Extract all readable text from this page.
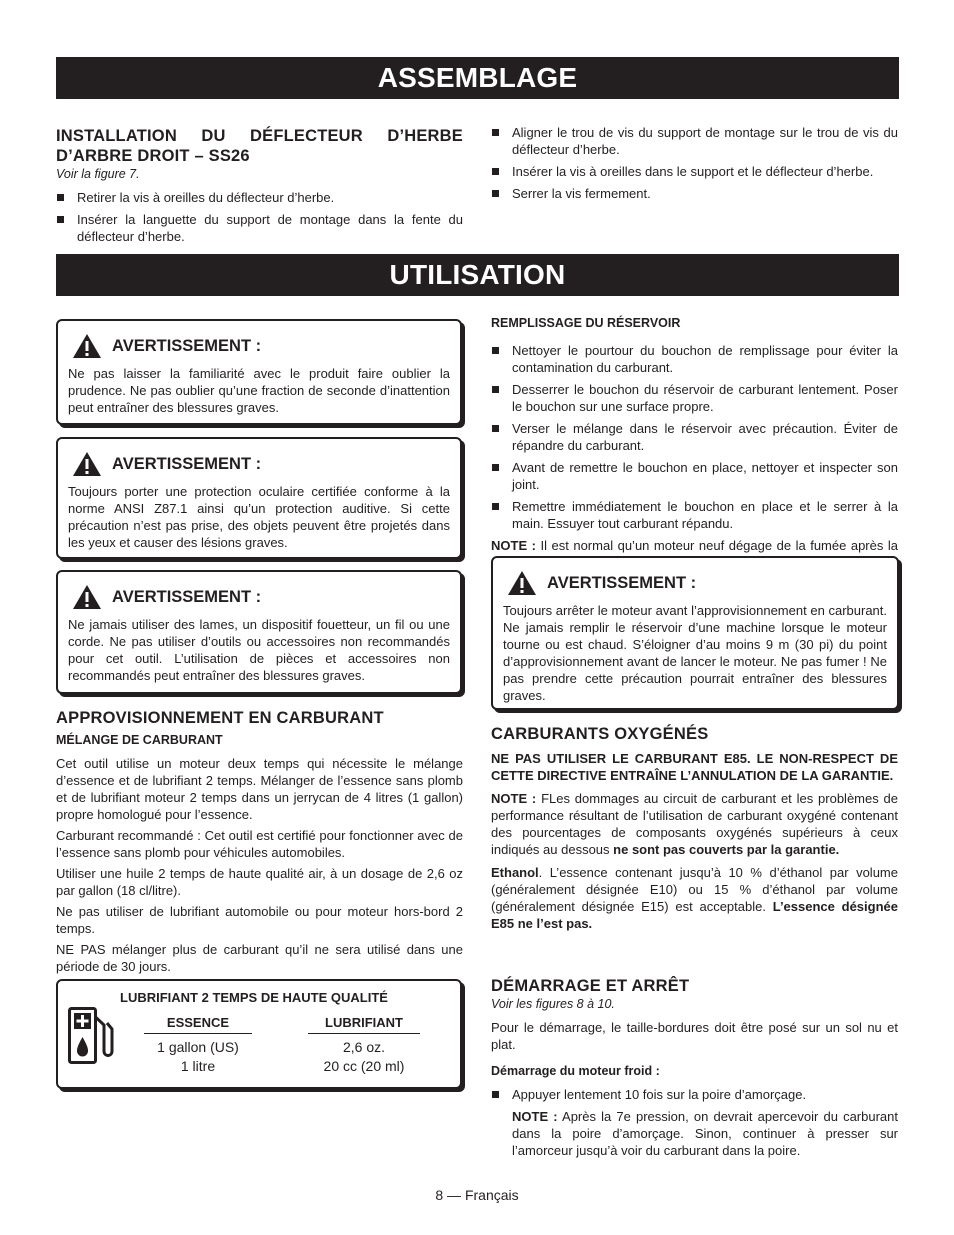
ASSEMBLAGE
INSTALLATION DU DÉFLECTEUR D’HERBE
D’ARBRE DROIT – SS26
Voir la figure 7.
Retirer la vis à oreilles du déflecteur d’herbe.
Insérer la languette du support de montage dans la fente du déflecteur d’herbe.
Aligner le trou de vis du support de montage sur le trou de vis du déflecteur d’herbe.
Insérer la vis à oreilles dans le support et le déflecteur d’herbe.
Serrer la vis fermement.
UTILISATION
AVERTISSEMENT :

Ne pas laisser la familiarité avec le produit faire oublier la prudence. Ne pas oublier qu’une fraction de seconde d’inattention peut entraîner des blessures graves.

AVERTISSEMENT :

Toujours porter une protection oculaire certifiée conforme à la norme ANSI Z87.1 ainsi qu’un protection auditive. Si cette précaution n’est pas prise, des objets peuvent être projetés dans les yeux et causer des lésions graves.

AVERTISSEMENT :

Ne jamais utiliser des lames, un dispositif fouetteur, un fil ou une corde. Ne pas utiliser d’outils ou accessoires non recommandés pour cet outil. L’utilisation de pièces et accessoires non recommandés peut entraîner des blessures graves.

APPROVISIONNEMENT EN CARBURANT
MÉLANGE DE CARBURANT

Cet outil utilise un moteur deux temps qui nécessite le mélange d’essence et de lubrifiant 2 temps. Mélanger de l’essence sans plomb et de lubrifiant moteur 2 temps dans un jerrycan de 4 litres (1 gallon) propre homologué pour l’essence.

Carburant recommandé : Cet outil est certifié pour fonctionner avec de l’essence sans plomb pour véhicules automobiles.

Utiliser une huile 2 temps de haute qualité air, à un dosage de 2,6 oz par gallon (18 cl/litre).

Ne pas utiliser de lubrifiant automobile ou pour moteur hors-bord 2 temps.

NE PAS mélanger plus de carburant qu’il ne sera utilisé dans une période de 30 jours.

LUBRIFIANT 2 TEMPS DE HAUTE QUALITÉ
ESSENCE
1 gallon (US)
1 litre
LUBRIFIANT
2,6 oz.
20 cc (20 ml)
REMPLISSAGE DU RÉSERVOIR
Nettoyer le pourtour du bouchon de remplissage pour éviter la contamination du carburant.
Desserrer le bouchon du réservoir de carburant lentement. Poser le bouchon sur une surface propre.
Verser le mélange dans le réservoir avec précaution. Éviter de répandre du carburant.
Avant de remettre le bouchon en place, nettoyer et inspecter son joint.
Remettre immédiatement le bouchon en place et le serrer à la main. Essuyer tout carburant répandu.

NOTE : Il est normal qu’un moteur neuf dégage de la fumée après la

AVERTISSEMENT :

Toujours arrêter le moteur avant l’approvisionnement en carburant. Ne jamais remplir le réservoir d’une machine lorsque le moteur tourne ou est chaud. S’éloigner d’au moins 9 m (30 pi) du point d’approvisionnement avant de lancer le moteur. Ne pas fumer ! Ne pas prendre cette précaution pourrait entraîner des blessures graves.

CARBURANTS OXYGÉNÉS

NE PAS UTILISER LE CARBURANT E85. LE NON-RESPECT DE CETTE DIRECTIVE ENTRAÎNE L’ANNULATION DE LA GARANTIE.

NOTE : FLes dommages au circuit de carburant et les problèmes de performance résultant de l’utilisation de carburant oxygéné contenant des pourcentages de composants oxygénés supérieurs à ceux indiqués au dessous ne sont pas couverts par la garantie.

Ethanol. L’essence contenant jusqu’à 10 % d’éthanol par volume (généralement désignée E10) ou 15 % d’éthanol par volume (généralement désignée E15) est acceptable. L’essence désignée E85 ne l’est pas.

DÉMARRAGE ET ARRÊT
Voir les figures 8 à 10.

Pour le démarrage, le taille-bordures doit être posé sur un sol nu et plat.

Démarrage du moteur froid :
Appuyer lentement 10 fois sur la poire d’amorçage.

NOTE : Après la 7e pression, on devrait apercevoir du carburant dans la poire d’amorçage. Sinon, continuer à presser sur l’amorceur jusqu’à voir du carburant dans la poire.

8 — Français
